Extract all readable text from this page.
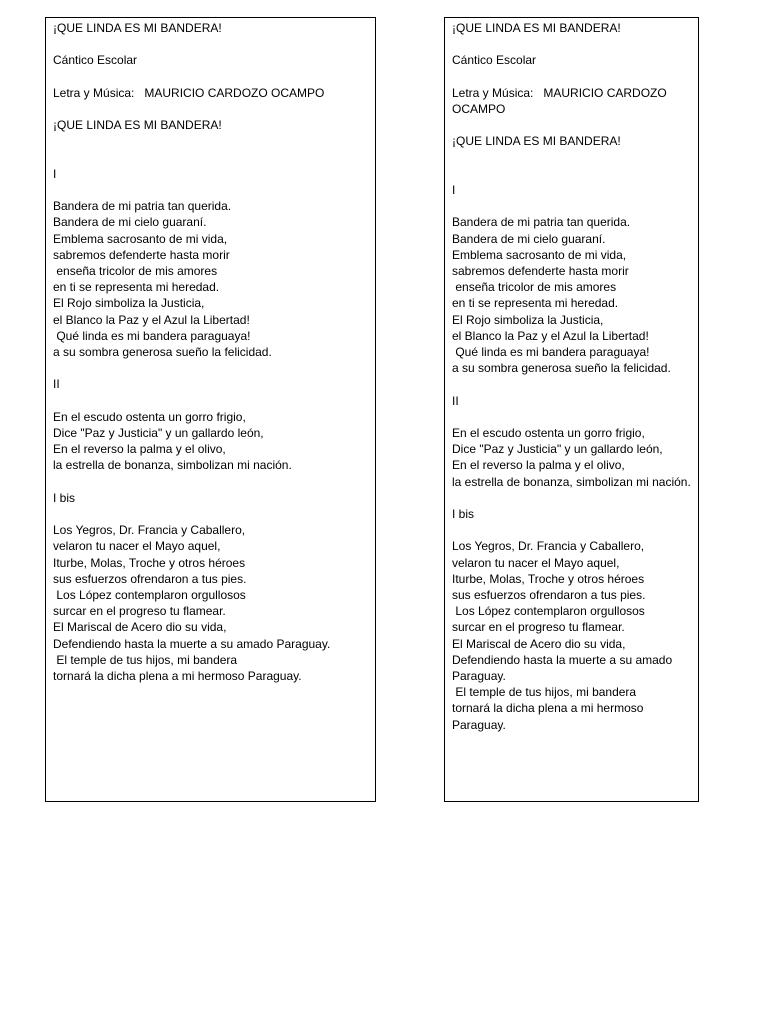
¡QUE LINDA ES MI BANDERA!
Cántico Escolar
Letra y Música:   MAURICIO CARDOZO OCAMPO
¡QUE LINDA ES MI BANDERA!
I
Bandera de mi patria tan querida.
Bandera de mi cielo guaraní.
Emblema sacrosanto de mi vida,
sabremos defenderte hasta morir
enseña tricolor de mis amores
en ti se representa mi heredad.
El Rojo simboliza la Justicia,
el Blanco la Paz y el Azul la Libertad!
Qué linda es mi bandera paraguaya!
a su sombra generosa sueño la felicidad.
II
En el escudo ostenta un gorro frigio,
Dice "Paz y Justicia" y un gallardo león,
En el reverso la palma y el olivo,
la estrella de bonanza, simbolizan mi nación.
I bis
Los Yegros, Dr. Francia y Caballero,
velaron tu nacer el Mayo aquel,
Iturbe, Molas, Troche y otros héroes
sus esfuerzos ofrendaron a tus pies.
Los López contemplaron orgullosos
surcar en el progreso tu flamear.
El Mariscal de Acero dio su vida,
Defendiendo hasta la muerte a su amado Paraguay.
El temple de tus hijos, mi bandera
tornará la dicha plena a mi hermoso Paraguay.
¡QUE LINDA ES MI BANDERA!
Cántico Escolar
Letra y Música:   MAURICIO CARDOZO OCAMPO
¡QUE LINDA ES MI BANDERA!
I
Bandera de mi patria tan querida.
Bandera de mi cielo guaraní.
Emblema sacrosanto de mi vida,
sabremos defenderte hasta morir
enseña tricolor de mis amores
en ti se representa mi heredad.
El Rojo simboliza la Justicia,
el Blanco la Paz y el Azul la Libertad!
Qué linda es mi bandera paraguaya!
a su sombra generosa sueño la felicidad.
II
En el escudo ostenta un gorro frigio,
Dice "Paz y Justicia" y un gallardo león,
En el reverso la palma y el olivo,
la estrella de bonanza, simbolizan mi nación.
I bis
Los Yegros, Dr. Francia y Caballero,
velaron tu nacer el Mayo aquel,
Iturbe, Molas, Troche y otros héroes
sus esfuerzos ofrendaron a tus pies.
Los López contemplaron orgullosos
surcar en el progreso tu flamear.
El Mariscal de Acero dio su vida,
Defendiendo hasta la muerte a su amado Paraguay.
El temple de tus hijos, mi bandera
tornará la dicha plena a mi hermoso Paraguay.
